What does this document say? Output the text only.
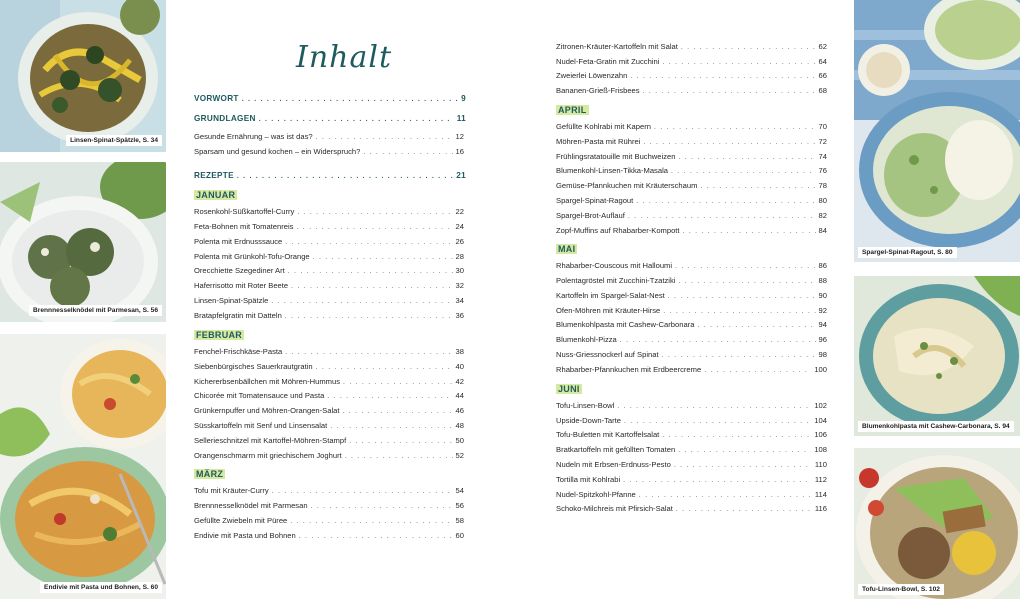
Linsen-Spinat-Spätzle, S. 34
Brennnesselknödel mit Parmesan, S. 56
Endivie mit Pasta und Bohnen, S. 60
Spargel-Spinat-Ragout, S. 80
Blumenkohlpasta mit Cashew-Carbonara, S. 94
Tofu-Linsen-Bowl, S. 102
Inhalt
VORWORT . . .	9
GRUNDLAGEN . . .	11
Gesunde Ernährung – was ist das? . . .	12
Sparsam und gesund kochen – ein Widerspruch? . . .	16
REZEPTE . . .	21
JANUAR
Rosenkohl-Süßkartoffel-Curry . . .	22
Feta-Bohnen mit Tomatenreis . . .	24
Polenta mit Erdnusssauce . . .	26
Polenta mit Grünkohl-Tofu-Orange . . .	28
Orecchiette Szegediner Art . . .	30
Haferrisotto mit Roter Beete . . .	32
Linsen-Spinat-Spätzle . . .	34
Bratapfelgratin mit Datteln . . .	36
FEBRUAR
Fenchel-Frischkäse-Pasta . . .	38
Siebenbürgisches Sauerkrautgratin . . .	40
Kichererbsenbällchen mit Möhren-Hummus . . .	42
Chicorée mit Tomatensauce und Pasta . . .	44
Grünkernpuffer und Möhren-Orangen-Salat . . .	46
Süsskartoffeln mit Senf und Linsensalat . . .	48
Sellerieschnitzel mit Kartoffel-Möhren-Stampf . . .	50
Orangenschmarrn mit griechischem Joghurt . . .	52
MÄRZ
Tofu mit Kräuter-Curry . . .	54
Brennnesselknödel mit Parmesan . . .	56
Gefüllte Zwiebeln mit Püree . . .	58
Endivie mit Pasta und Bohnen . . .	60
Zitronen-Kräuter-Kartoffeln mit Salat . . .	62
Nudel-Feta-Gratin mit Zucchini . . .	64
Zweierlei Löwenzahn . . .	66
Bananen-Grieß-Frisbees . . .	68
APRIL
Gefüllte Kohlrabi mit Kapern . . .	70
Möhren-Pasta mit Rührei . . .	72
Frühlingsratatouille mit Buchweizen . . .	74
Blumenkohl-Linsen-Tikka-Masala . . .	76
Gemüse-Pfannkuchen mit Kräuterschaum . . .	78
Spargel-Spinat-Ragout . . .	80
Spargel-Brot-Auflauf . . .	82
Zopf-Muffins auf Rhabarber-Kompott . . .	84
MAI
Rhabarber-Couscous mit Halloumi . . .	86
Polentagröstel mit Zucchini-Tzatziki . . .	88
Kartoffeln im Spargel-Salat-Nest . . .	90
Ofen-Möhren mit Kräuter-Hirse . . .	92
Blumenkohlpasta mit Cashew-Carbonara . . .	94
Blumenkohl-Pizza . . .	96
Nuss-Griessnockerl auf Spinat . . .	98
Rhabarber-Pfannkuchen mit Erdbeercreme . . .	100
JUNI
Tofu-Linsen-Bowl . . .	102
Upside-Down-Tarte . . .	104
Tofu-Buletten mit Kartoffelsalat . . .	106
Bratkartoffeln mit gefüllten Tomaten . . .	108
Nudeln mit Erbsen-Erdnuss-Pesto . . .	110
Tortilla mit Kohlrabi . . .	112
Nudel-Spitzkohl-Pfanne . . .	114
Schoko-Milchreis mit Pfirsich-Salat . . .	116
